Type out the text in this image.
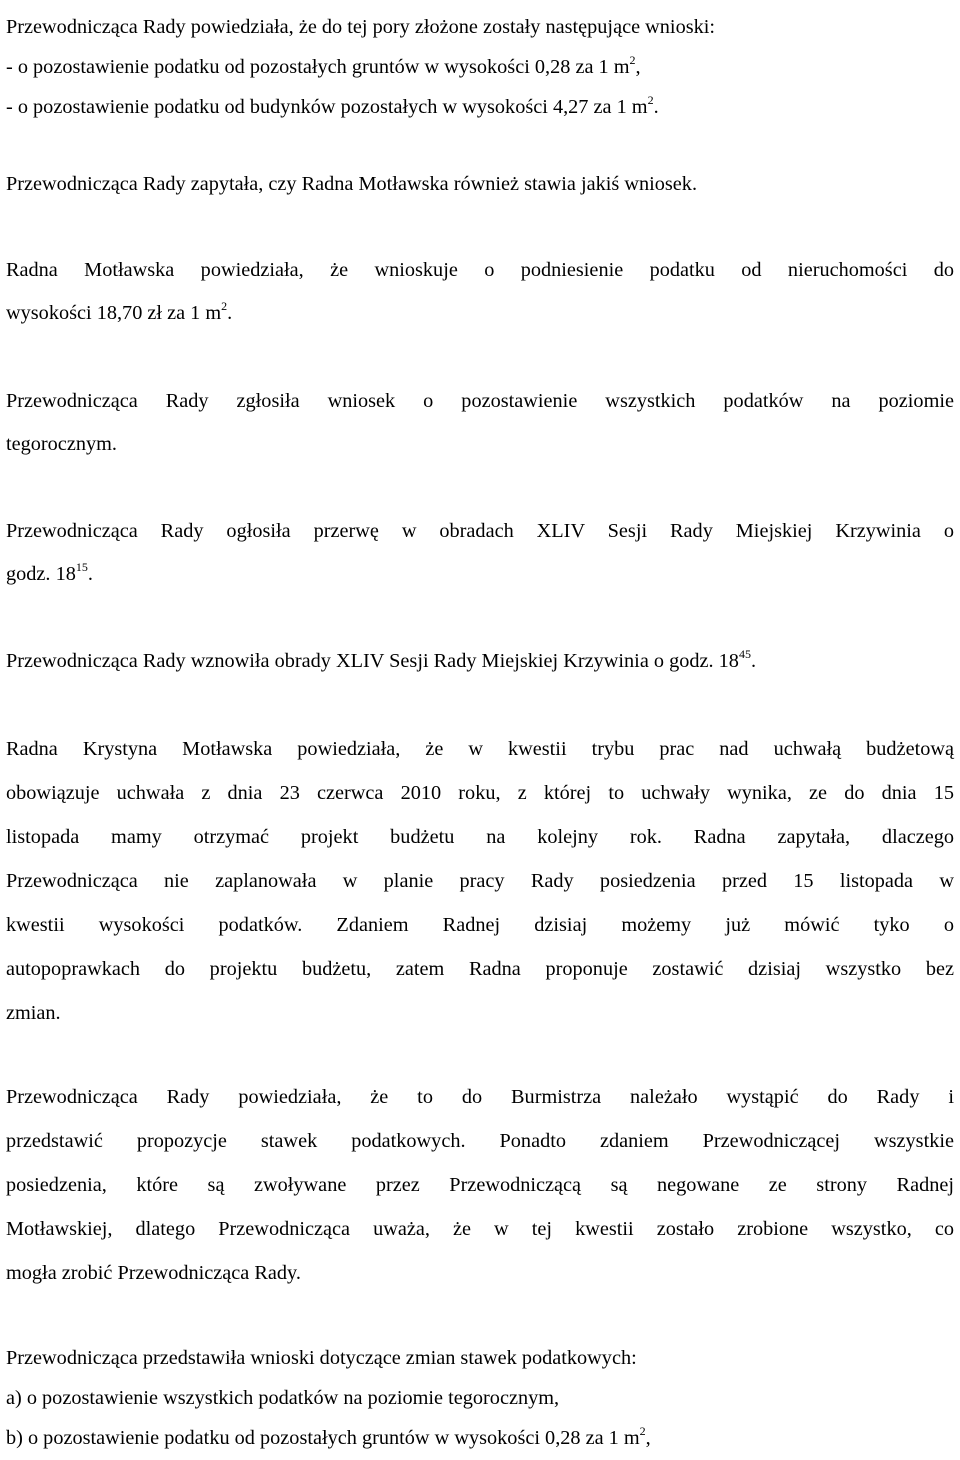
Przewodnicząca Rady powiedziała, że do tej pory złożone zostały następujące wnioski:
- o pozostawienie podatku od pozostałych gruntów w wysokości 0,28 za 1 $m^2$,
- o pozostawienie podatku od budynków pozostałych w wysokości 4,27 za 1 $m^2$.
Przewodnicząca Rady zapytała, czy Radna Motławska również stawia jakiś wniosek.
Radna Motławska powiedziała, że wnioskuje o podniesienie podatku od nieruchomości do
wysokości 18,70 zł za 1 $m^2$.
Przewodnicząca Rady zgłosiła wniosek o pozostawienie wszystkich podatków na poziomie
tegorocznym.
Przewodnicząca Rady ogłosiła przerwę w obradach XLIV Sesji Rady Miejskiej Krzywinia o
godz. $18^{15}$.
Przewodnicząca Rady wznowiła obrady XLIV Sesji Rady Miejskiej Krzywinia o godz. $18^{45}$.
Radna Krystyna Motławska powiedziała, że w kwestii trybu prac nad uchwałą budżetową
obowiązuje uchwała z dnia 23 czerwca 2010 roku, z której to uchwały wynika, ze do dnia 15
listopada mamy otrzymać projekt budżetu na kolejny rok. Radna zapytała, dlaczego
Przewodnicząca nie zaplanowała w planie pracy Rady posiedzenia przed 15 listopada w
kwestii wysokości podatków. Zdaniem Radnej dzisiaj możemy już mówić tyko o
autopoprawkach do projektu budżetu, zatem Radna proponuje zostawić dzisiaj wszystko bez
zmian.
Przewodnicząca Rady powiedziała, że to do Burmistrza należało wystąpić do Rady i
przedstawić propozycje stawek podatkowych. Ponadto zdaniem Przewodniczącej wszystkie
posiedzenia, które są zwoływane przez Przewodniczącą są negowane ze strony Radnej
Motławskiej, dlatego Przewodnicząca uważa, że w tej kwestii zostało zrobione wszystko, co
mogła zrobić Przewodnicząca Rady.
Przewodnicząca przedstawiła wnioski dotyczące zmian stawek podatkowych:
a) o pozostawienie wszystkich podatków na poziomie tegorocznym,
b) o pozostawienie podatku od pozostałych gruntów w wysokości 0,28 za 1 $m^2$,
